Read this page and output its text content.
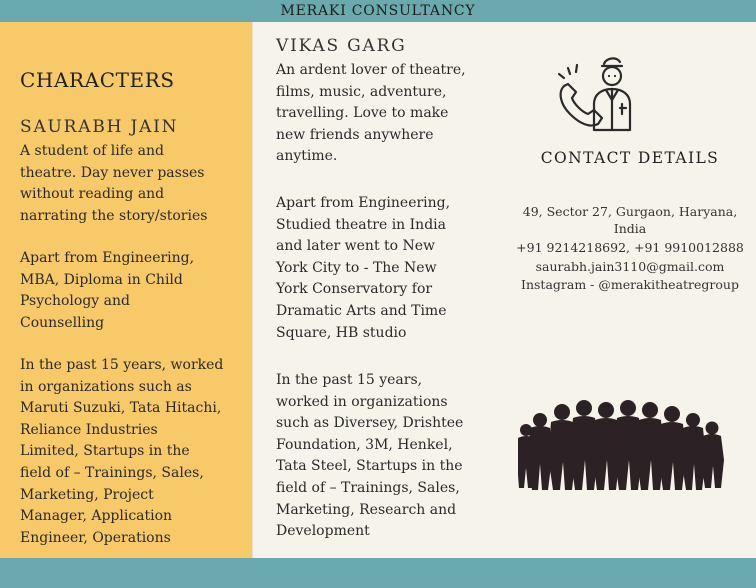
MERAKI CONSULTANCY
CHARACTERS
SAURABH JAIN
A student of life and
theatre. Day never passes
without reading and
narrating the story/stories
Apart from Engineering,
MBA, Diploma in Child
Psychology and
Counselling
In the past 15 years, worked
in organizations such as
Maruti Suzuki, Tata Hitachi,
Reliance Industries
Limited, Startups in the
field of – Trainings, Sales,
Marketing, Project
Manager, Application
Engineer, Operations
VIKAS GARG
An ardent lover of theatre,
films, music, adventure,
travelling. Love to make
new friends anywhere
anytime.
Apart from Engineering,
Studied theatre in India
and later went to New
York City to - The New
York Conservatory for
Dramatic Arts and Time
Square, HB studio
In the past 15 years,
worked in organizations
such as Diversey, Drishtee
Foundation, 3M, Henkel,
Tata Steel, Startups in the
field of – Trainings, Sales,
Marketing, Research and
Development
CONTACT DETAILS
49, Sector 27, Gurgaon, Haryana,
India
+91 9214218692, +91 9910012888
saurabh.jain3110@gmail.com
Instagram - @merakitheatregroup
